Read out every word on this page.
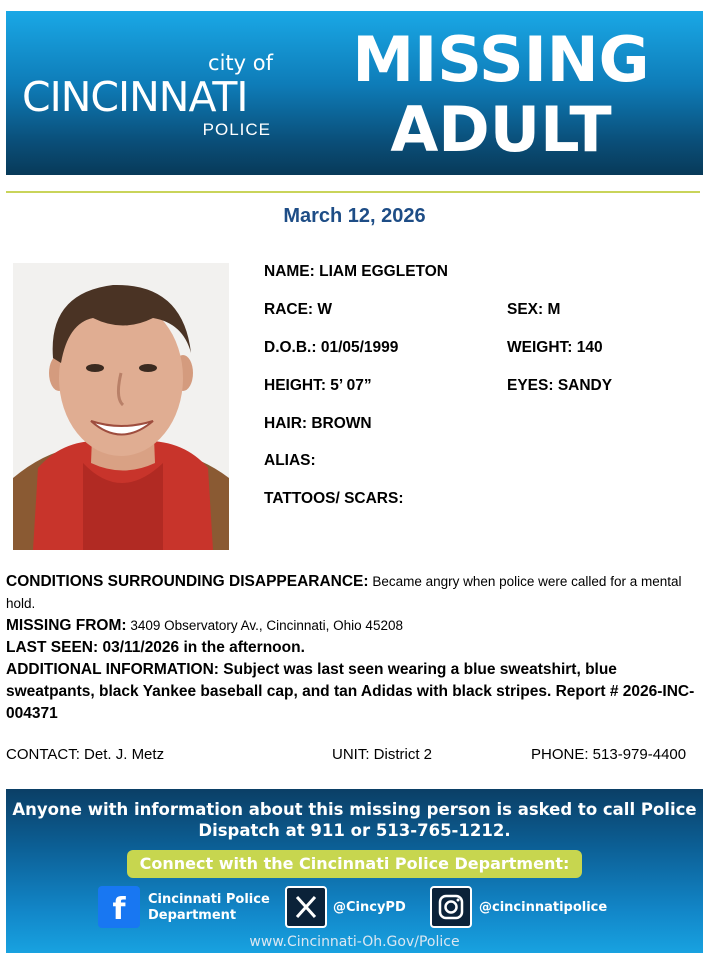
city of
CINCINNATI
POLICE
MISSING
ADULT
March 12, 2026
NAME: LIAM EGGLETON
RACE: W	SEX: M
D.O.B.: 01/05/1999	WEIGHT: 140
HEIGHT: 5’ 07”	EYES: SANDY
HAIR: BROWN
ALIAS:
TATTOOS/ SCARS:
CONDITIONS SURROUNDING DISAPPEARANCE: Became angry when police were called for a mental hold.
MISSING FROM: 3409 Observatory Av., Cincinnati, Ohio 45208
LAST SEEN: 03/11/2026 in the afternoon.
ADDITIONAL INFORMATION: Subject was last seen wearing a blue sweatshirt, blue sweatpants, black Yankee baseball cap, and tan Adidas with black stripes. Report # 2026-INC-004371
CONTACT: Det. J. Metz	UNIT: District 2	PHONE: 513-979-4400
Anyone with information about this missing person is asked to call Police
Dispatch at 911 or 513-765-1212.
Connect with the Cincinnati Police Department:
f Cincinnati Police
Department
@CincyPD	@cincinnatipolice
www.Cincinnati-Oh.Gov/Police
